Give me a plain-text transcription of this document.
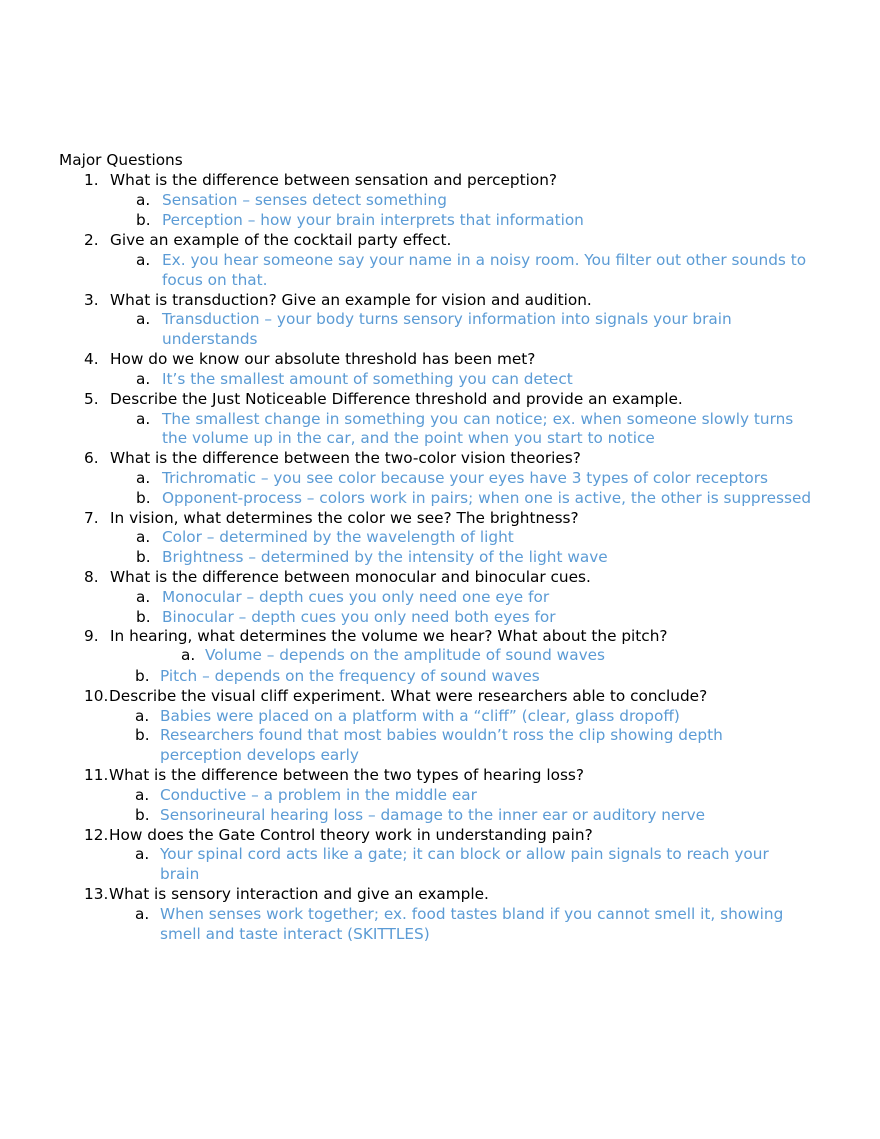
Major Questions
1. What is the difference between sensation and perception?
a. Sensation – senses detect something
b. Perception – how your brain interprets that information
2. Give an example of the cocktail party effect.
a. Ex. you hear someone say your name in a noisy room. You filter out other sounds to
focus on that.
3. What is transduction? Give an example for vision and audition.
a. Transduction – your body turns sensory information into signals your brain
understands
4. How do we know our absolute threshold has been met?
a. It’s the smallest amount of something you can detect
5. Describe the Just Noticeable Difference threshold and provide an example.
a. The smallest change in something you can notice; ex. when someone slowly turns
the volume up in the car, and the point when you start to notice
6. What is the difference between the two-color vision theories?
a. Trichromatic – you see color because your eyes have 3 types of color receptors
b. Opponent-process – colors work in pairs; when one is active, the other is suppressed
7. In vision, what determines the color we see? The brightness?
a. Color – determined by the wavelength of light
b. Brightness – determined by the intensity of the light wave
8. What is the difference between monocular and binocular cues.
a. Monocular – depth cues you only need one eye for
b. Binocular – depth cues you only need both eyes for
9. In hearing, what determines the volume we hear? What about the pitch?
a. Volume – depends on the amplitude of sound waves
b. Pitch – depends on the frequency of sound waves
10. Describe the visual cliff experiment. What were researchers able to conclude?
a. Babies were placed on a platform with a “cliff” (clear, glass dropoff)
b. Researchers found that most babies wouldn’t ross the clip showing depth
perception develops early
11. What is the difference between the two types of hearing loss?
a. Conductive – a problem in the middle ear
b. Sensorineural hearing loss – damage to the inner ear or auditory nerve
12. How does the Gate Control theory work in understanding pain?
a. Your spinal cord acts like a gate; it can block or allow pain signals to reach your
brain
13. What is sensory interaction and give an example.
a. When senses work together; ex. food tastes bland if you cannot smell it, showing
smell and taste interact (SKITTLES)
